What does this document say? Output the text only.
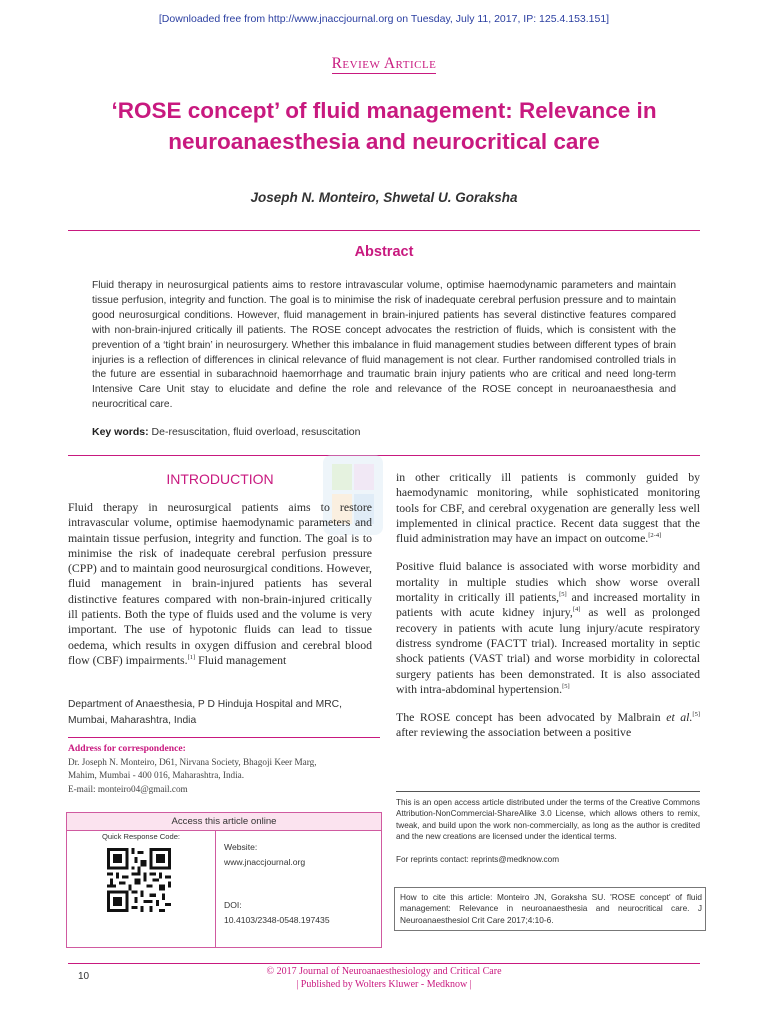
[Downloaded free from http://www.jnaccjournal.org on Tuesday, July 11, 2017, IP: 125.4.153.151]
Review Article
‘ROSE concept’ of fluid management: Relevance in neuroanaesthesia and neurocritical care
Joseph N. Monteiro, Shwetal U. Goraksha
Abstract
Fluid therapy in neurosurgical patients aims to restore intravascular volume, optimise haemodynamic parameters and maintain tissue perfusion, integrity and function. The goal is to minimise the risk of inadequate cerebral perfusion pressure and to maintain good neurosurgical conditions. However, fluid management in brain-injured patients has several distinctive features compared with non-brain-injured critically ill patients. The ROSE concept advocates the restriction of fluids, which is consistent with the prevention of a ‘tight brain’ in neurosurgery. Whether this imbalance in fluid management studies between different types of brain injuries is a reflection of differences in clinical relevance of fluid management is not clear. Further randomised controlled trials in the future are essential in subarachnoid haemorrhage and traumatic brain injury patients who are critical and need long-term Intensive Care Unit stay to elucidate and define the role and relevance of the ROSE concept in neuroanaesthesia and neurocritical care.
Key words: De-resuscitation, fluid overload, resuscitation
INTRODUCTION

Fluid therapy in neurosurgical patients aims to restore intravascular volume, optimise haemodynamic parameters and maintain tissue perfusion, integrity and function. The goal is to minimise the risk of inadequate cerebral perfusion pressure (CPP) and to maintain good neurosurgical conditions. However, fluid management in brain-injured patients has several distinctive features compared with non-brain-injured critically ill patients. Both the type of fluids used and the volume is very important. The use of hypotonic fluids can lead to tissue oedema, which results in oxygen diffusion and cerebral blood flow (CBF) impairments.[1] Fluid management

Department of Anaesthesia, P D Hinduja Hospital and MRC,
Mumbai, Maharashtra, India
Address for correspondence:
Dr. Joseph N. Monteiro, D61, Nirvana Society, Bhagoji Keer Marg,
Mahim, Mumbai - 400 016, Maharashtra, India.
E-mail: monteiro04@gmail.com
Access this article online
Quick Response Code:
Website:
www.jnaccjournal.org
DOI:
10.4103/2348-0548.197435

in other critically ill patients is commonly guided by haemodynamic monitoring, while sophisticated monitoring tools for CBF, and cerebral oxygenation are generally less well implemented in clinical practice. Recent data suggest that the fluid administration may have an impact on outcome.[2-4]

Positive fluid balance is associated with worse morbidity and mortality in multiple studies which show worse overall mortality in critically ill patients,[5] and increased mortality in patients with acute kidney injury,[4] as well as prolonged recovery in patients with acute lung injury/acute respiratory distress syndrome (FACTT trial). Increased mortality in septic shock patients (VAST trial) and worse morbidity in colorectal surgery patients has been demonstrated. It is also associated with intra-abdominal hypertension.[5]

The ROSE concept has been advocated by Malbrain et al.[5] after reviewing the association between a positive

This is an open access article distributed under the terms of the Creative Commons Attribution-NonCommercial-ShareAlike 3.0 License, which allows others to remix, tweak, and build upon the work non-commercially, as long as the author is credited and the new creations are licensed under the identical terms.
For reprints contact: reprints@medknow.com
How to cite this article: Monteiro JN, Goraksha SU. 'ROSE concept' of fluid management: Relevance in neuroanaesthesia and neurocritical care. J Neuroanaesthesiol Crit Care 2017;4:10-6.
10	© 2017 Journal of Neuroanaesthesiology and Critical Care
| Published by Wolters Kluwer - Medknow |
